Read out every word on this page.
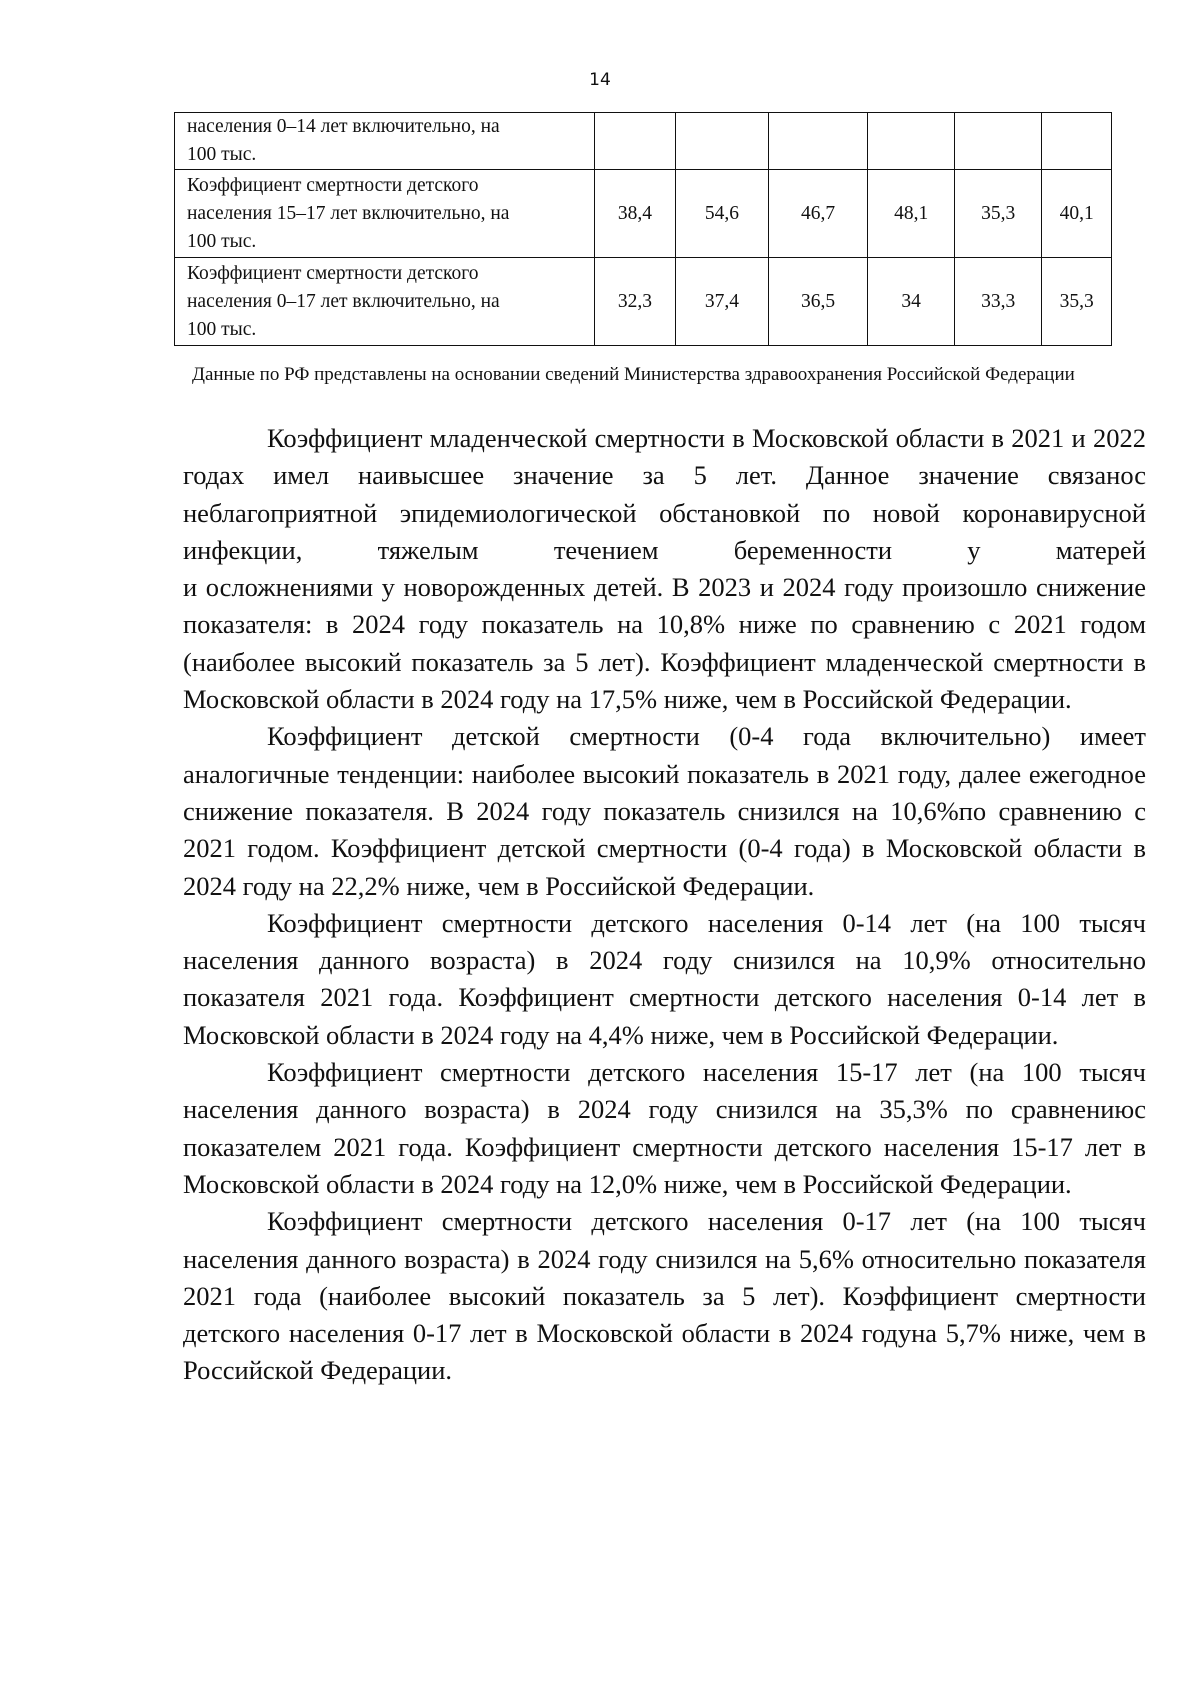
14
населения 0–14 лет включительно, на
100 тыс.						

Коэффициент смертности детского
населения 15–17 лет включительно, на
100 тыс.	38,4	54,6	46,7	48,1	35,3	40,1

Коэффициент смертности детского
населения 0–17 лет включительно, на
100 тыс.	32,3	37,4	36,5	34	33,3	35,3
Данные по РФ представлены на основании сведений Министерства здравоохранения Российской Федерации

Коэффициент младенческой смертности в Московской области в 2021 и 2022 годах имел наивысшее значение за 5 лет. Данное значение связанос неблагоприятной эпидемиологической обстановкой по новой коронавирусной инфекции, тяжелым течением беременности у матерей

и осложнениями у новорожденных детей. В 2023 и 2024 году произошло снижение показателя: в 2024 году показатель на 10,8% ниже по сравнению с 2021 годом (наиболее высокий показатель за 5 лет). Коэффициент младенческой смертности в Московской области в 2024 году на 17,5% ниже, чем в Российской Федерации.

Коэффициент детской смертности (0-4 года включительно) имеет аналогичные тенденции: наиболее высокий показатель в 2021 году, далее ежегодное снижение показателя. В 2024 году показатель снизился на 10,6%по сравнению с 2021 годом. Коэффициент детской смертности (0-4 года) в Московской области в 2024 году на 22,2% ниже, чем в Российской Федерации.

Коэффициент смертности детского населения 0-14 лет (на 100 тысяч населения данного возраста) в 2024 году снизился на 10,9% относительно показателя 2021 года. Коэффициент смертности детского населения 0-14 лет в Московской области в 2024 году на 4,4% ниже, чем в Российской Федерации.

Коэффициент смертности детского населения 15-17 лет (на 100 тысяч населения данного возраста) в 2024 году снизился на 35,3% по сравнениюс показателем 2021 года. Коэффициент смертности детского населения 15-17 лет в Московской области в 2024 году на 12,0% ниже, чем в Российской Федерации.

Коэффициент смертности детского населения 0-17 лет (на 100 тысяч населения данного возраста) в 2024 году снизился на 5,6% относительно показателя 2021 года (наиболее высокий показатель за 5 лет). Коэффициент смертности детского населения 0-17 лет в Московской области в 2024 годуна 5,7% ниже, чем в Российской Федерации.
